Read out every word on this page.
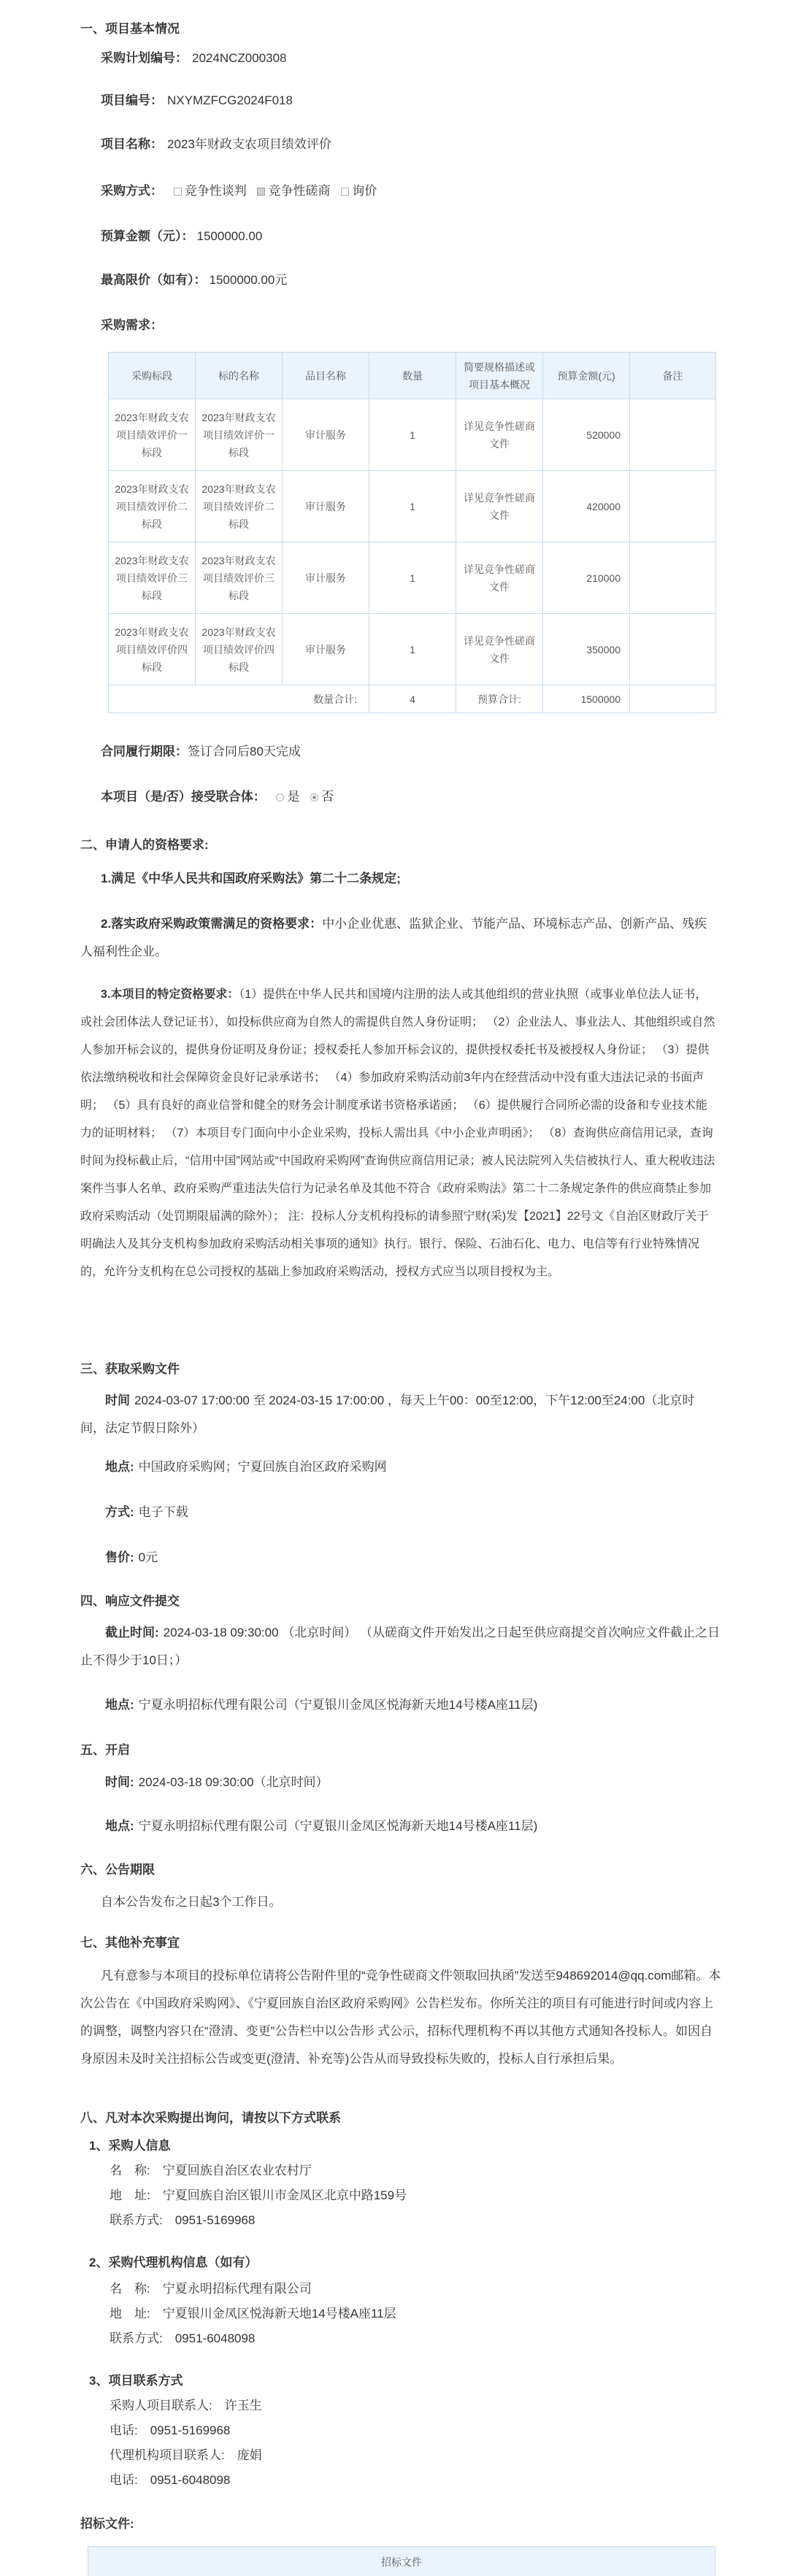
一、项目基本情况
采购计划编号： 2024NCZ000308
项目编号： NXYMZFCG2024F018
项目名称： 2023年财政支农项目绩效评价
采购方式： 竞争性谈判 竞争性磋商 询价
预算金额（元）： 1500000.00
最高限价（如有）： 1500000.00元
采购需求：
采购标段	标的名称	品目名称	数量	简要规格描述或项目基本概况	预算金额(元)	备注
2023年财政支农项目绩效评价一标段	2023年财政支农项目绩效评价一标段	审计服务	1	详见竞争性磋商文件	520000	
2023年财政支农项目绩效评价二标段	2023年财政支农项目绩效评价二标段	审计服务	1	详见竞争性磋商文件	420000	
2023年财政支农项目绩效评价三标段	2023年财政支农项目绩效评价三标段	审计服务	1	详见竞争性磋商文件	210000	
2023年财政支农项目绩效评价四标段	2023年财政支农项目绩效评价四标段	审计服务	1	详见竞争性磋商文件	350000	
数量合计:			4	预算合计:	1500000	
合同履行期限：签订合同后80天完成
本项目（是/否）接受联合体： 是 否
二、申请人的资格要求:
1.满足《中华人民共和国政府采购法》第二十二条规定;
2.落实政府采购政策需满足的资格要求：中小企业优惠、监狱企业、节能产品、环境标志产品、创新产品、残疾人福利性企业。
3.本项目的特定资格要求：（1）提供在中华人民共和国境内注册的法人或其他组织的营业执照（或事业单位法人证书，或社会团体法人登记证书），如投标供应商为自然人的需提供自然人身份证明； （2）企业法人、事业法人、其他组织或自然人参加开标会议的，提供身份证明及身份证；授权委托人参加开标会议的，提供授权委托书及被授权人身份证； （3）提供依法缴纳税收和社会保障资金良好记录承诺书； （4）参加政府采购活动前3年内在经营活动中没有重大违法记录的书面声明； （5）具有良好的商业信誉和健全的财务会计制度承诺书资格承诺函； （6）提供履行合同所必需的设备和专业技术能力的证明材料； （7）本项目专门面向中小企业采购，投标人需出具《中小企业声明函》； （8）查询供应商信用记录，查询时间为投标截止后，“信用中国”网站或“中国政府采购网”查询供应商信用记录；被人民法院列入失信被执行人、重大税收违法案件当事人名单、政府采购严重违法失信行为记录名单及其他不符合《政府采购法》第二十二条规定条件的供应商禁止参加政府采购活动（处罚期限届满的除外）； 注：投标人分支机构投标的请参照宁财(采)发【2021】22号文《自治区财政厅关于明确法人及其分支机构参加政府采购活动相关事项的通知》执行。银行、保险、石油石化、电力、电信等有行业特殊情况的，允许分支机构在总公司授权的基础上参加政府采购活动，授权方式应当以项目授权为主。
三、获取采购文件
时间 2024-03-07 17:00:00 至 2024-03-15 17:00:00 ，每天上午00：00至12:00，下午12:00至24:00（北京时间，法定节假日除外）
地点: 中国政府采购网；宁夏回族自治区政府采购网
方式: 电子下载
售价: 0元
四、响应文件提交
截止时间: 2024-03-18 09:30:00 （北京时间） （从磋商文件开始发出之日起至供应商提交首次响应文件截止之日止不得少于10日；）
地点: 宁夏永明招标代理有限公司（宁夏银川金凤区悦海新天地14号楼A座11层)
五、开启
时间: 2024-03-18 09:30:00（北京时间）
地点: 宁夏永明招标代理有限公司（宁夏银川金凤区悦海新天地14号楼A座11层)
六、公告期限
自本公告发布之日起3个工作日。
七、其他补充事宜
凡有意参与本项目的投标单位请将公告附件里的“竞争性磋商文件领取回执函”发送至948692014@qq.com邮箱。本次公告在《中国政府采购网》、《宁夏回族自治区政府采购网》公告栏发布。你所关注的项目有可能进行时间或内容上的调整，调整内容只在“澄清、变更”公告栏中以公告形 式公示，招标代理机构不再以其他方式通知各投标人。如因自身原因未及时关注招标公告或变更(澄清、补充等)公告从而导致投标失败的，投标人自行承担后果。
八、凡对本次采购提出询问，请按以下方式联系
1、采购人信息
名　称:　宁夏回族自治区农业农村厅
地　址:　宁夏回族自治区银川市金凤区北京中路159号
联系方式:　0951-5169968
2、采购代理机构信息（如有）
名　称:　宁夏永明招标代理有限公司
地　址:　宁夏银川金凤区悦海新天地14号楼A座11层
联系方式:　0951-6048098
3、项目联系方式
采购人项目联系人:　许玉生
电话:　0951-5169968
代理机构项目联系人:　庞娟
电话:　0951-6048098
招标文件:
招标文件
